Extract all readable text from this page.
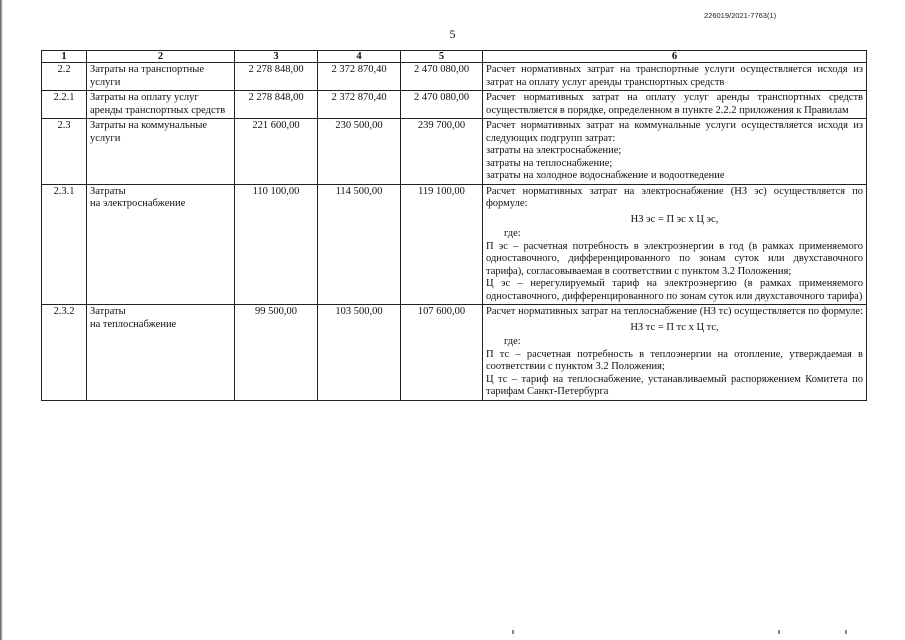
226019/2021-7763(1)
5
1	2	3	4	5	6
2.2	Затраты на транспортные услуги	2 278 848,00	2 372 870,40	2 470 080,00	Расчет нормативных затрат на транспортные услуги осуществляется исходя из затрат на оплату услуг аренды транспортных средств

2.2.1	Затраты на оплату услуг аренды транспортных средств	2 278 848,00	2 372 870,40	2 470 080,00	Расчет нормативных затрат на оплату услуг аренды транспортных средств осуществляется в порядке, определенном в пункте 2.2.2 приложения к Правилам

2.3	Затраты на коммунальные услуги	221 600,00	230 500,00	239 700,00	Расчет нормативных затрат на коммунальные услуги осуществляется исходя из следующих подгрупп затрат:
затраты на электроснабжение;
затраты на теплоснабжение;
затраты на холодное водоснабжение и водоотведение

2.3.1	Затраты
на электроснабжение	110 100,00	114 500,00	119 100,00	Расчет нормативных затрат на электроснабжение (НЗ эс) осуществляется по формуле:
НЗ эс = П эс х Ц эс,
где:
П эс – расчетная потребность в электроэнергии в год (в рамках применяемого одноставочного, дифференцированного по зонам суток или двухставочного тарифа), согласовываемая в соответствии с пунктом 3.2 Положения;
Ц эс – нерегулируемый тариф на электроэнергию (в рамках применяемого одноставочного, дифференцированного по зонам суток или двухставочного тарифа)

2.3.2	Затраты
на теплоснабжение	99 500,00	103 500,00	107 600,00	Расчет нормативных затрат на теплоснабжение (НЗ тс) осуществляется по формуле:
НЗ тс = П тс х Ц тс,
где:
П тс – расчетная потребность в теплоэнергии на отопление, утверждаемая в соответствии с пунктом 3.2 Положения;
Ц тс – тариф на теплоснабжение, устанавливаемый распоряжением Комитета по тарифам Санкт-Петербурга
